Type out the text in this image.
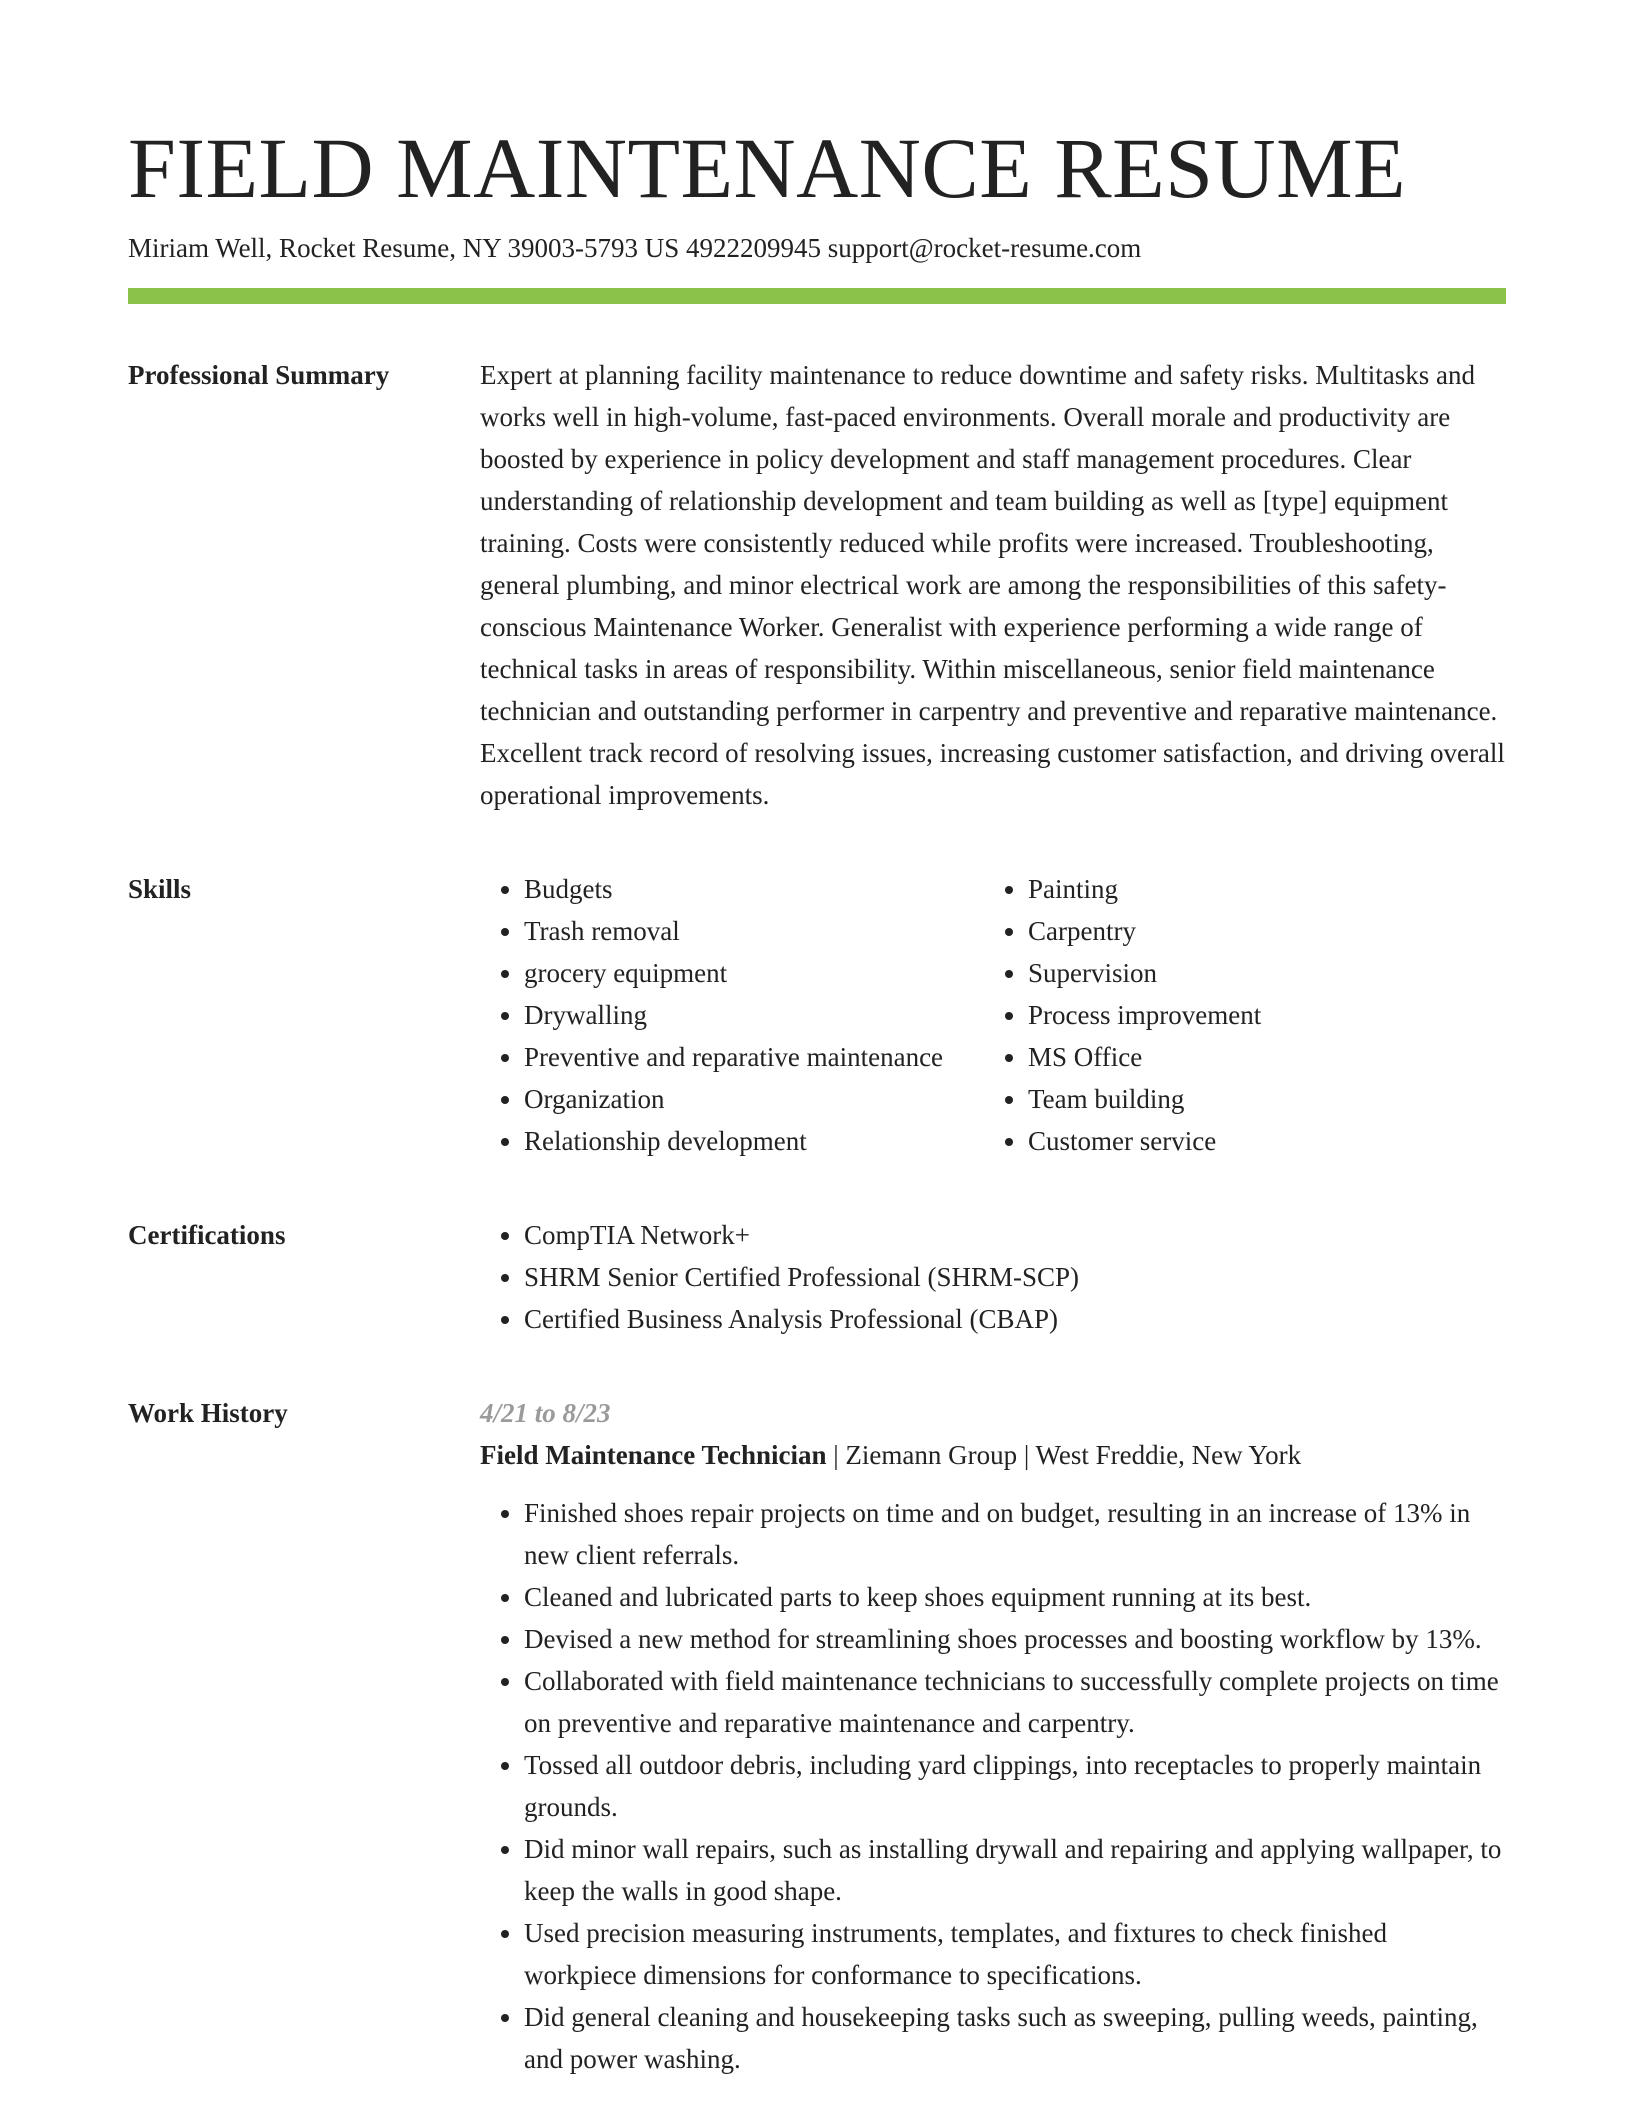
FIELD MAINTENANCE RESUME
Miriam Well, Rocket Resume, NY 39003-5793 US 4922209945 support@rocket-resume.com
Professional Summary	Expert at planning facility maintenance to reduce downtime and safety risks. Multitasks and works well in high-volume, fast-paced environments. Overall morale and productivity are boosted by experience in policy development and staff management procedures. Clear understanding of relationship development and team building as well as [type] equipment training. Costs were consistently reduced while profits were increased. Troubleshooting, general plumbing, and minor electrical work are among the responsibilities of this safety-conscious Maintenance Worker. Generalist with experience performing a wide range of technical tasks in areas of responsibility. Within miscellaneous, senior field maintenance technician and outstanding performer in carpentry and preventive and reparative maintenance. Excellent track record of resolving issues, increasing customer satisfaction, and driving overall operational improvements.

Skills	• Budgets
• Trash removal
• grocery equipment
• Drywalling
• Preventive and reparative maintenance
• Organization
• Relationship development
• Painting
• Carpentry
• Supervision
• Process improvement
• MS Office
• Team building
• Customer service
Certifications	• CompTIA Network+
• SHRM Senior Certified Professional (SHRM-SCP)
• Certified Business Analysis Professional (CBAP)
Work History	4/21 to 8/23
Field Maintenance Technician | Ziemann Group | West Freddie, New York
• Finished shoes repair projects on time and on budget, resulting in an increase of 13% in new client referrals.
• Cleaned and lubricated parts to keep shoes equipment running at its best.
• Devised a new method for streamlining shoes processes and boosting workflow by 13%.
• Collaborated with field maintenance technicians to successfully complete projects on time on preventive and reparative maintenance and carpentry.
• Tossed all outdoor debris, including yard clippings, into receptacles to properly maintain grounds.
• Did minor wall repairs, such as installing drywall and repairing and applying wallpaper, to keep the walls in good shape.
• Used precision measuring instruments, templates, and fixtures to check finished workpiece dimensions for conformance to specifications.
• Did general cleaning and housekeeping tasks such as sweeping, pulling weeds, painting, and power washing.
